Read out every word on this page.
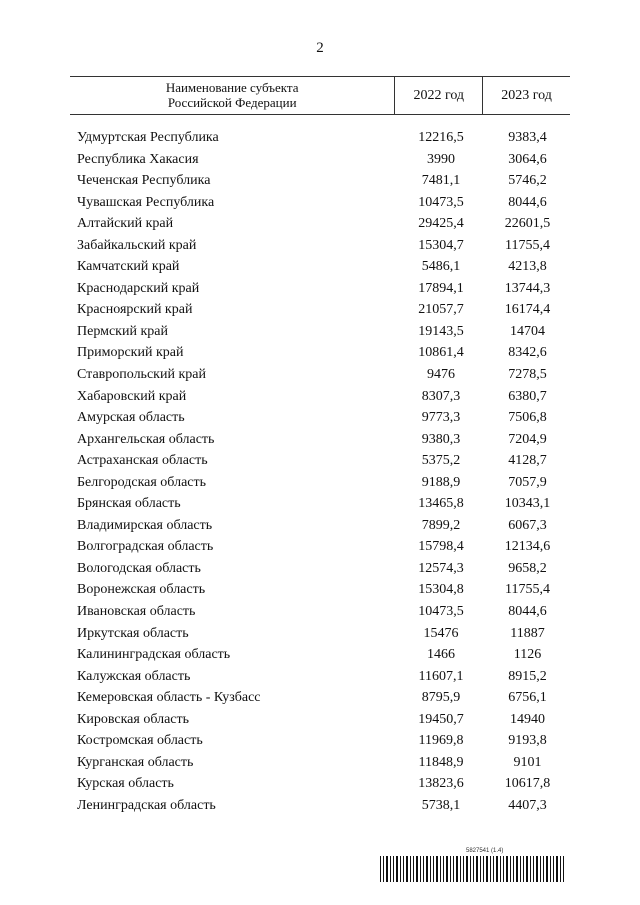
2
Наименование субъекта
Российской Федерации	2022 год	2023 год
Удмуртская Республика	12216,5	9383,4
Республика Хакасия	3990	3064,6
Чеченская Республика	7481,1	5746,2
Чувашская Республика	10473,5	8044,6
Алтайский край	29425,4	22601,5
Забайкальский край	15304,7	11755,4
Камчатский край	5486,1	4213,8
Краснодарский край	17894,1	13744,3
Красноярский край	21057,7	16174,4
Пермский край	19143,5	14704
Приморский край	10861,4	8342,6
Ставропольский край	9476	7278,5
Хабаровский край	8307,3	6380,7
Амурская область	9773,3	7506,8
Архангельская область	9380,3	7204,9
Астраханская область	5375,2	4128,7
Белгородская область	9188,9	7057,9
Брянская область	13465,8	10343,1
Владимирская область	7899,2	6067,3
Волгоградская область	15798,4	12134,6
Вологодская область	12574,3	9658,2
Воронежская область	15304,8	11755,4
Ивановская область	10473,5	8044,6
Иркутская область	15476	11887
Калининградская область	1466	1126
Калужская область	11607,1	8915,2
Кемеровская область - Кузбасс	8795,9	6756,1
Кировская область	19450,7	14940
Костромская область	11969,8	9193,8
Курганская область	11848,9	9101
Курская область	13823,6	10617,8
Ленинградская область	5738,1	4407,3
5827541 (1.4)
